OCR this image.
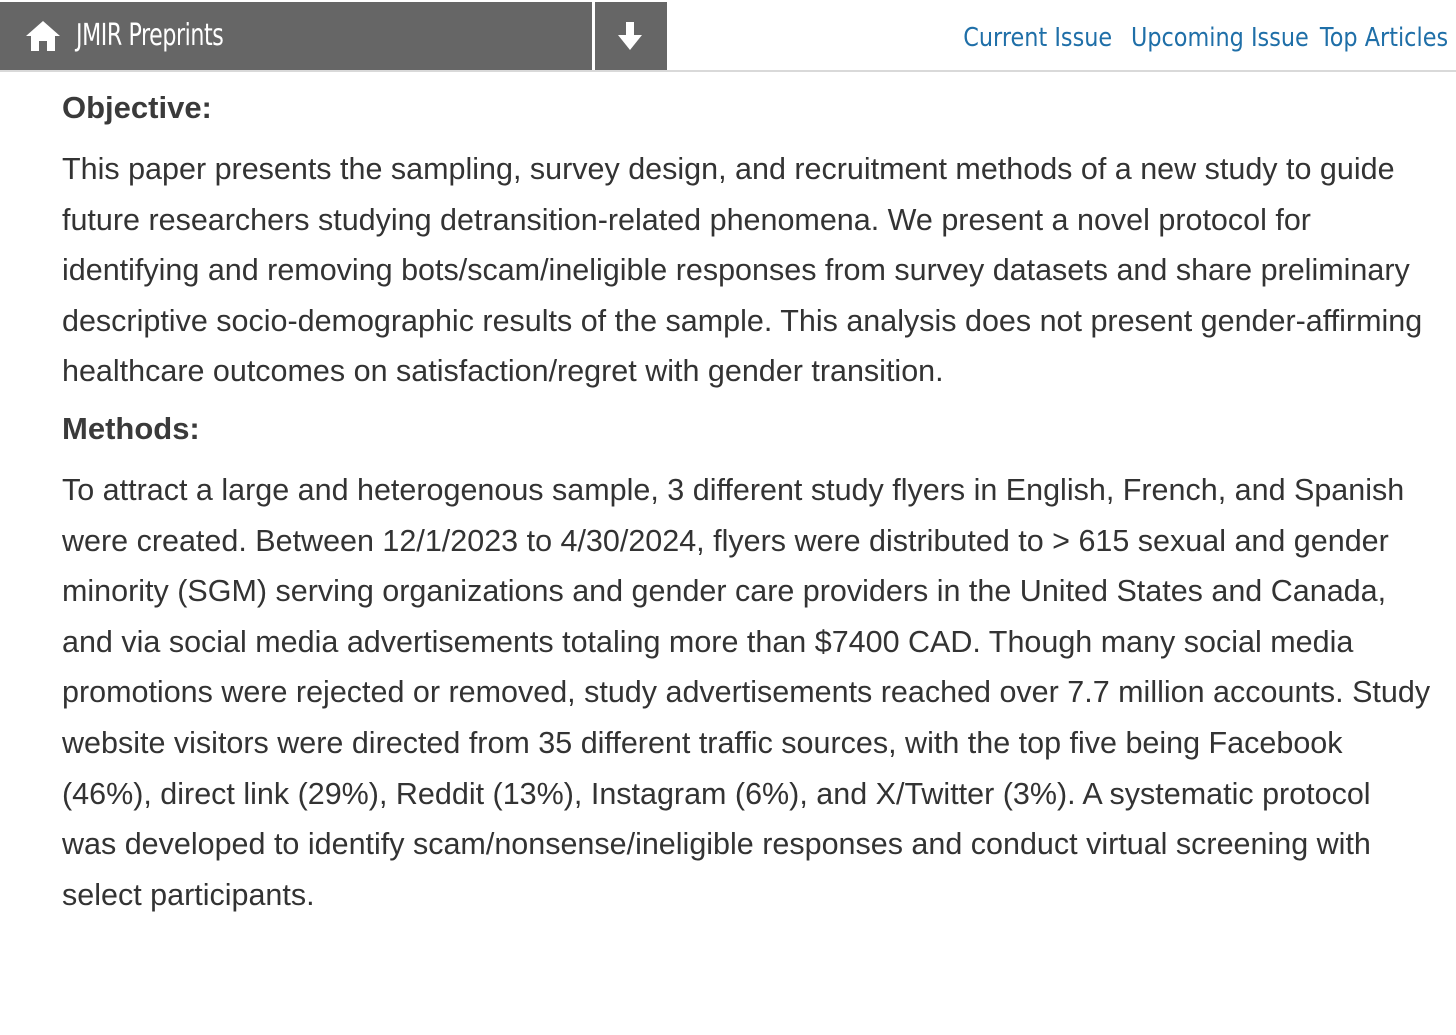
JMIR Preprints	Current Issue Upcoming Issue Top Articles
Objective:

This paper presents the sampling, survey design, and recruitment methods of a new study to guide future researchers studying detransition-related phenomena. We present a novel protocol for identifying and removing bots/scam/ineligible responses from survey datasets and share preliminary descriptive socio-demographic results of the sample. This analysis does not present gender-affirming healthcare outcomes on satisfaction/regret with gender transition.

Methods:

To attract a large and heterogenous sample, 3 different study flyers in English, French, and Spanish were created. Between 12/1/2023 to 4/30/2024, flyers were distributed to > 615 sexual and gender minority (SGM) serving organizations and gender care providers in the United States and Canada, and via social media advertisements totaling more than $7400 CAD. Though many social media promotions were rejected or removed, study advertisements reached over 7.7 million accounts. Study website visitors were directed from 35 different traffic sources, with the top five being Facebook (46%), direct link (29%), Reddit (13%), Instagram (6%), and X/Twitter (3%). A systematic protocol was developed to identify scam/nonsense/ineligible responses and conduct virtual screening with select participants.
